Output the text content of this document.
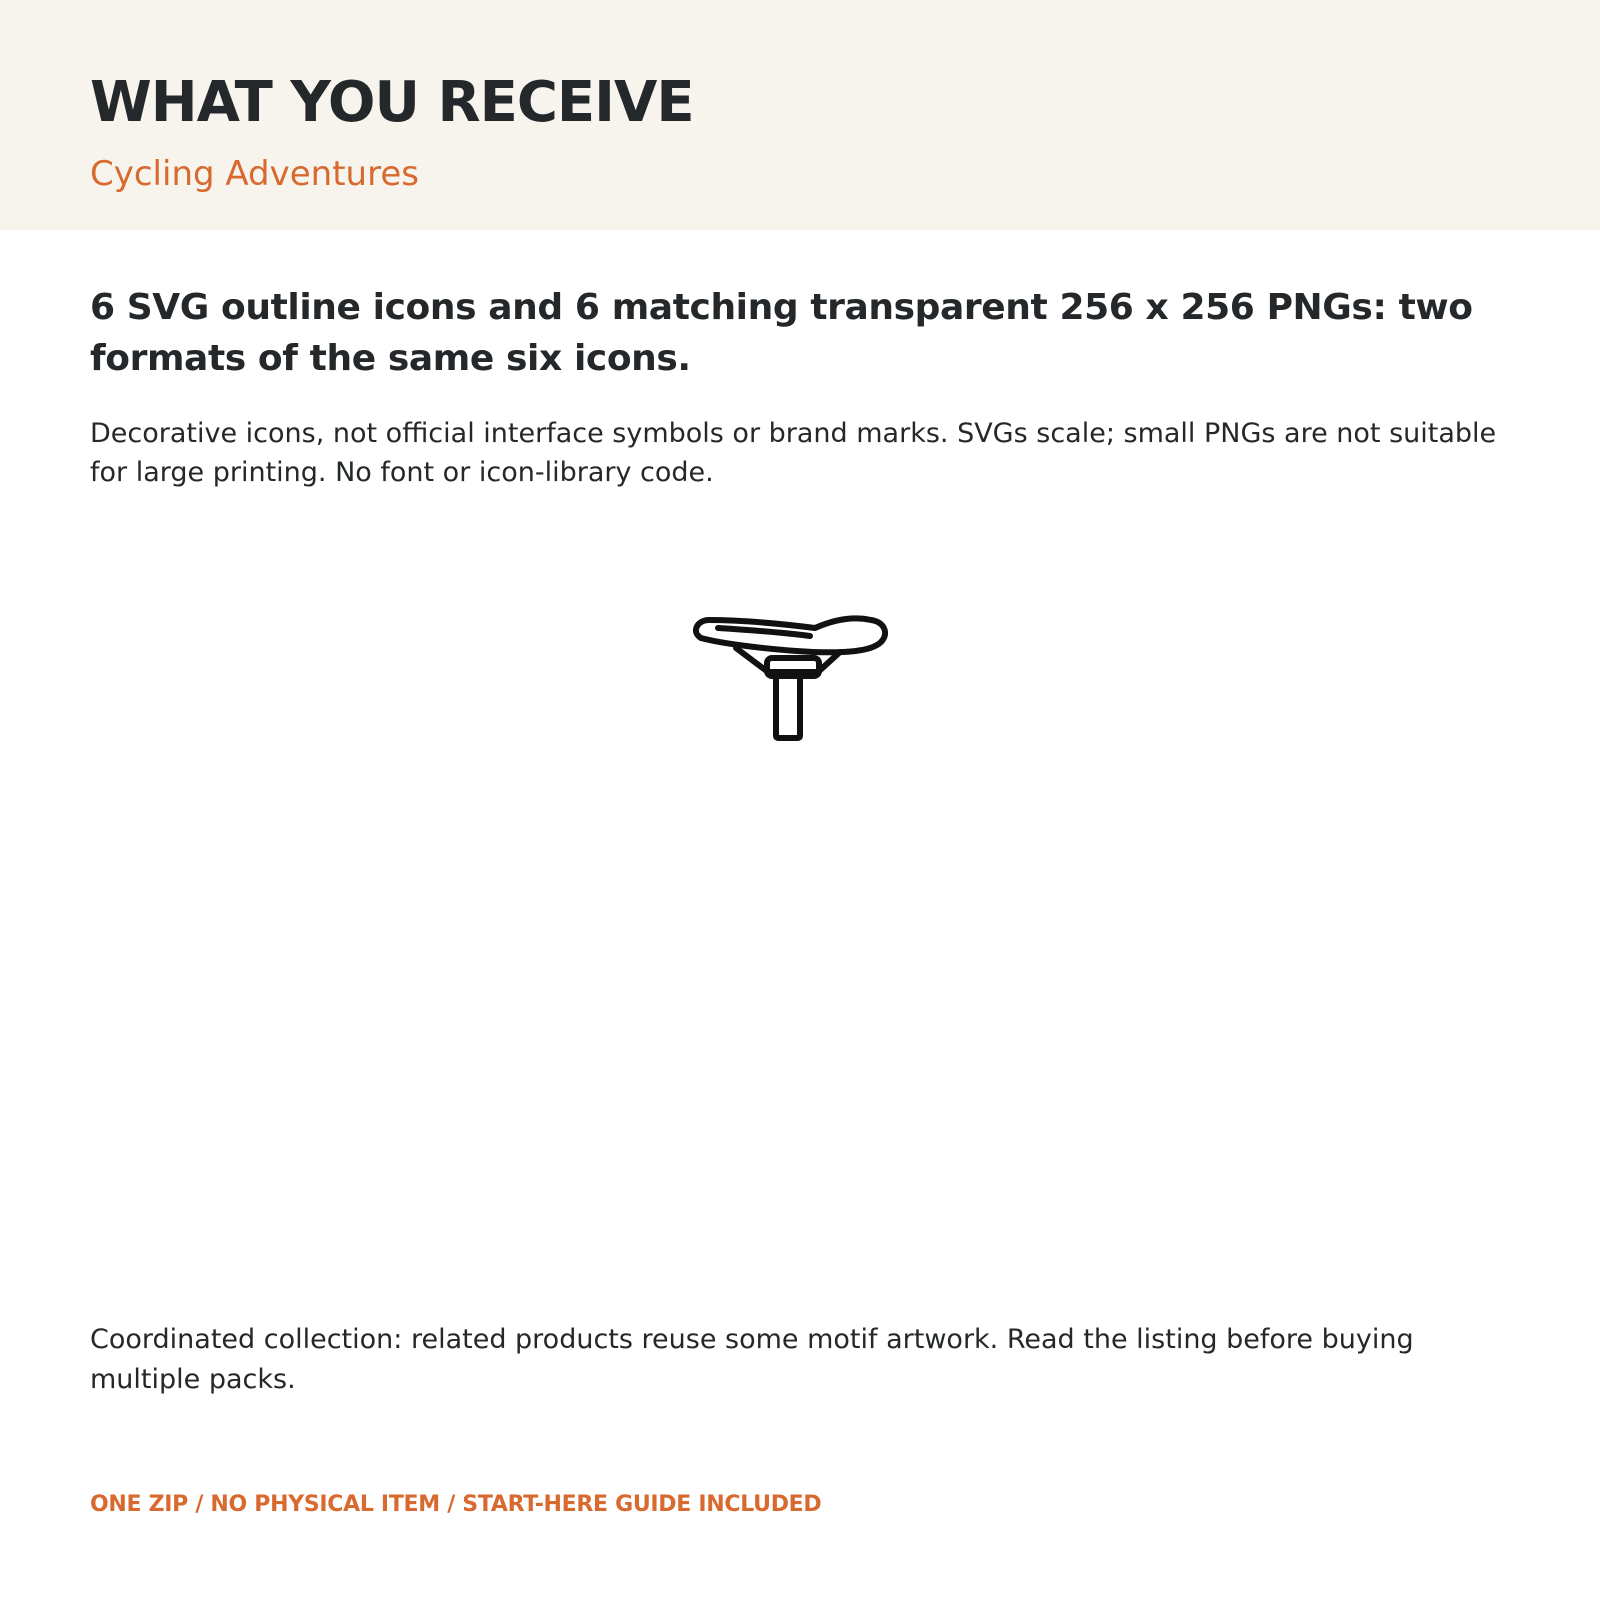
WHAT YOU RECEIVE

Cycling Adventures

6 SVG outline icons and 6 matching transparent 256 x 256 PNGs: two formats of the same six icons.

Decorative icons, not official interface symbols or brand marks. SVGs scale; small PNGs are not suitable for large printing. No font or icon-library code.

Coordinated collection: related products reuse some motif artwork. Read the listing before buying multiple packs.

ONE ZIP / NO PHYSICAL ITEM / START-HERE GUIDE INCLUDED
